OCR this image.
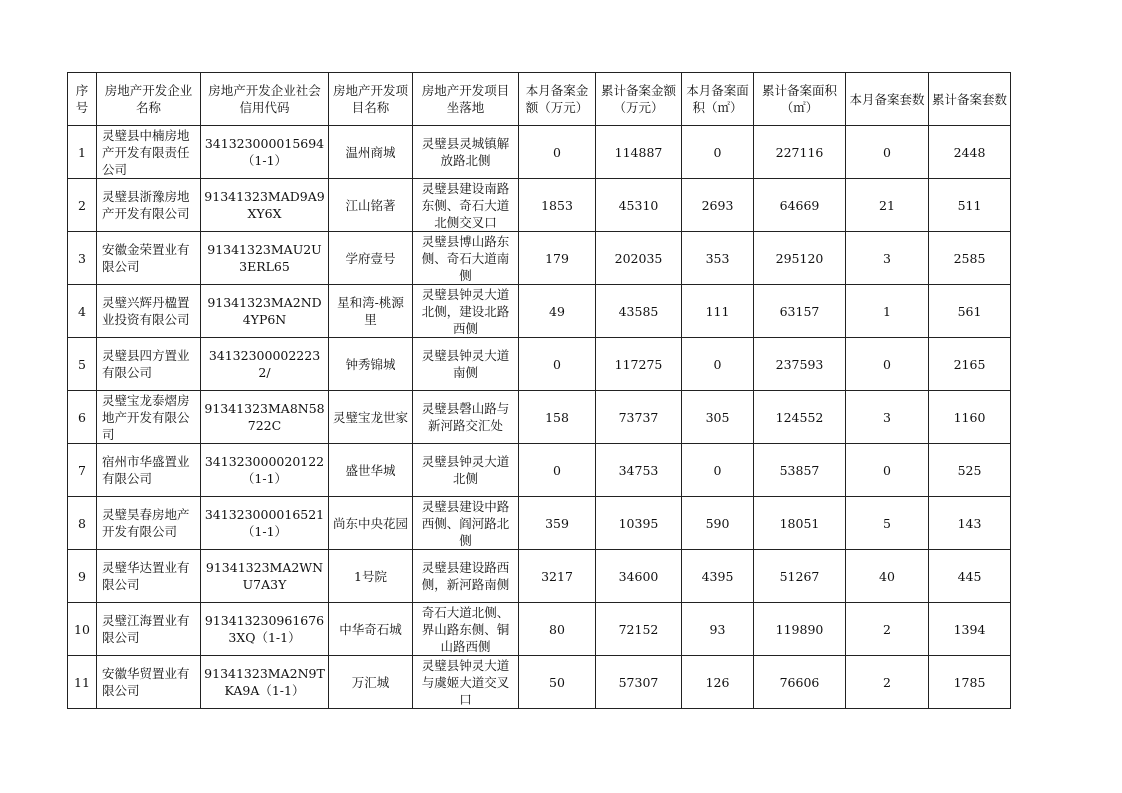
序号	房地产开发企业名称	房地产开发企业社会信用代码	房地产开发项目名称	房地产开发项目坐落地	本月备案金额（万元）	累计备案金额（万元）	本月备案面积（㎡）	累计备案面积（㎡）	本月备案套数	累计备案套数
1	灵璧县中楠房地产开发有限责任公司	341323000015694（1-1）	温州商城	灵璧县灵城镇解放路北侧	0	114887	0	227116	0	2448
2	灵璧县浙豫房地产开发有限公司	91341323MAD9A9XY6X	江山铭著	灵璧县建设南路东侧、奇石大道北侧交叉口	1853	45310	2693	64669	21	511
3	安徽金荣置业有限公司	91341323MAU2U3ERL65	学府壹号	灵璧县博山路东侧、奇石大道南侧	179	202035	353	295120	3	2585
4	灵璧兴辉丹楹置业投资有限公司	91341323MA2ND4YP6N	星和湾-桃源里	灵璧县钟灵大道北侧，建设北路西侧	49	43585	111	63157	1	561
5	灵璧县四方置业有限公司	341323000022232/	钟秀锦城	灵璧县钟灵大道南侧	0	117275	0	237593	0	2165
6	灵璧宝龙泰熠房地产开发有限公司	91341323MA8N58722C	灵璧宝龙世家	灵璧县磬山路与新河路交汇处	158	73737	305	124552	3	1160
7	宿州市华盛置业有限公司	341323000020122（1-1）	盛世华城	灵璧县钟灵大道北侧	0	34753	0	53857	0	525
8	灵璧昊春房地产开发有限公司	341323000016521（1-1）	尚东中央花园	灵璧县建设中路西侧、阎河路北侧	359	10395	590	18051	5	143
9	灵璧华达置业有限公司	91341323MA2WNU7A3Y	1号院	灵璧县建设路西侧，新河路南侧	3217	34600	4395	51267	40	445
10	灵璧江海置业有限公司	913413230961676 3XQ（1-1）	中华奇石城	奇石大道北侧、界山路东侧、铜山路西侧	80	72152	93	119890	2	1394
11	安徽华贸置业有限公司	91341323MA2N9TKA9A（1-1）	万汇城	灵璧县钟灵大道与虞姬大道交叉口	50	57307	126	76606	2	1785
